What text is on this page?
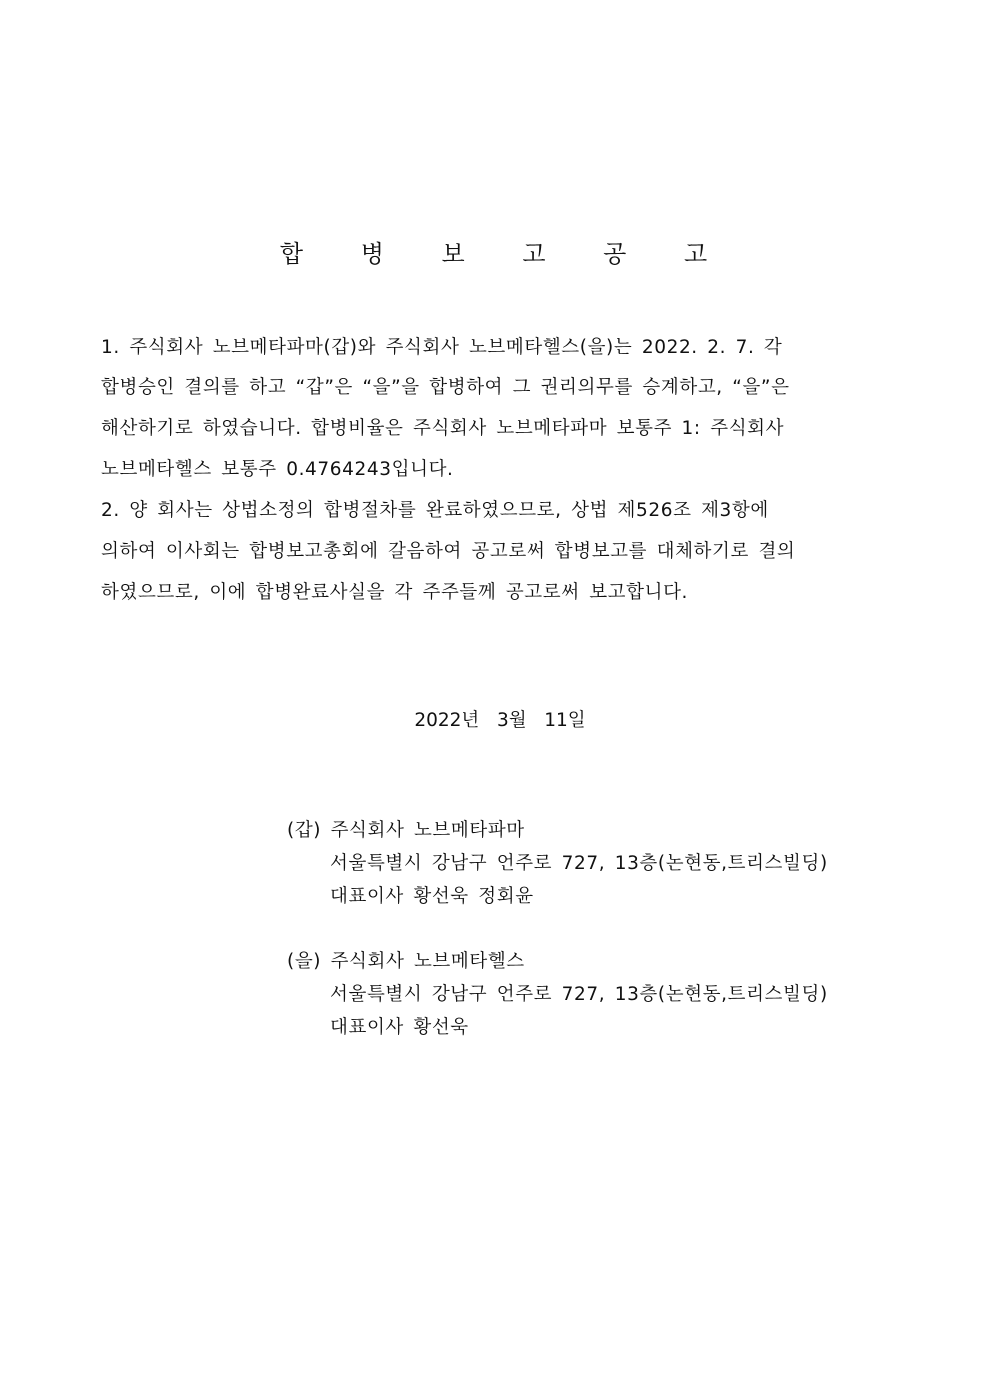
합 병 보 고 공 고
1. 주식회사 노브메타파마(갑)와 주식회사 노브메타헬스(을)는 2022. 2. 7. 각
합병승인 결의를 하고 “갑”은 “을”을 합병하여 그 권리의무를 승계하고, “을”은
해산하기로 하였습니다. 합병비율은 주식회사 노브메타파마 보통주 1: 주식회사
노브메타헬스 보통주 0.4764243입니다.
2. 양 회사는 상법소정의 합병절차를 완료하였으므로, 상법 제526조 제3항에
의하여 이사회는 합병보고총회에 갈음하여 공고로써 합병보고를 대체하기로 결의
하였으므로, 이에 합병완료사실을 각 주주들께 공고로써 보고합니다.
2022년   3월   11일
(갑) 주식회사 노브메타파마
서울특별시 강남구 언주로 727, 13층(논현동,트리스빌딩)
대표이사 황선욱 정회윤
(을) 주식회사 노브메타헬스
서울특별시 강남구 언주로 727, 13층(논현동,트리스빌딩)
대표이사 황선욱
